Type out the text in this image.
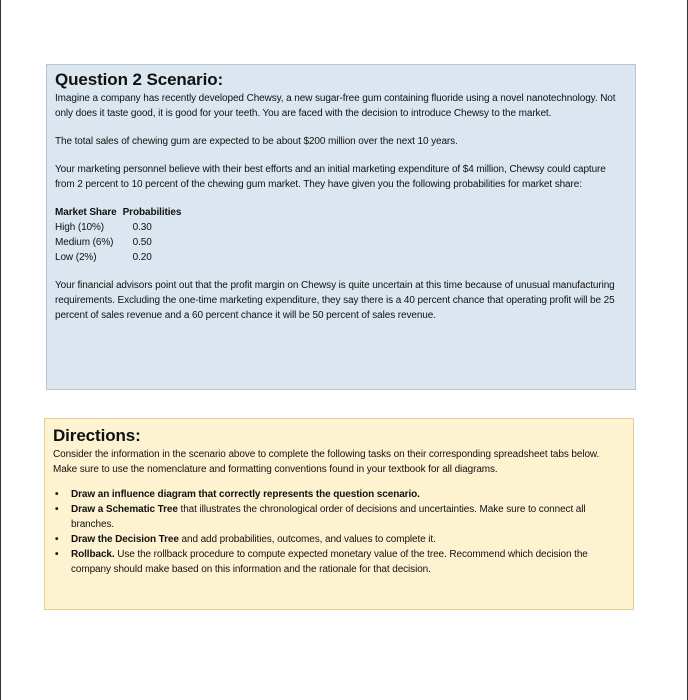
Question 2 Scenario:

Imagine a company has recently developed Chewsy, a new sugar-free gum containing fluoride using a novel nanotechnology. Not only does it taste good, it is good for your teeth. You are faced with the decision to introduce Chewsy to the market.

The total sales of chewing gum are expected to be about $200 million over the next 10 years.

Your marketing personnel believe with their best efforts and an initial marketing expenditure of $4 million, Chewsy could capture from 2 percent to 10 percent of the chewing gum market. They have given you the following probabilities for market share:

Market Share	Probabilities
High (10%)	0.30
Medium (6%)	0.50
Low (2%)	0.20

Your financial advisors point out that the profit margin on Chewsy is quite uncertain at this time because of unusual manufacturing requirements. Excluding the one-time marketing expenditure, they say there is a 40 percent chance that operating profit will be 25 percent of sales revenue and a 60 percent chance it will be 50 percent of sales revenue.

Directions:

Consider the information in the scenario above to complete the following tasks on their corresponding spreadsheet tabs below. Make sure to use the nomenclature and formatting conventions found in your textbook for all diagrams.

• Draw an influence diagram that correctly represents the question scenario.
• Draw a Schematic Tree that illustrates the chronological order of decisions and uncertainties. Make sure to connect all branches.
• Draw the Decision Tree and add probabilities, outcomes, and values to complete it.
• Rollback. Use the rollback procedure to compute expected monetary value of the tree. Recommend which decision the company should make based on this information and the rationale for that decision.
